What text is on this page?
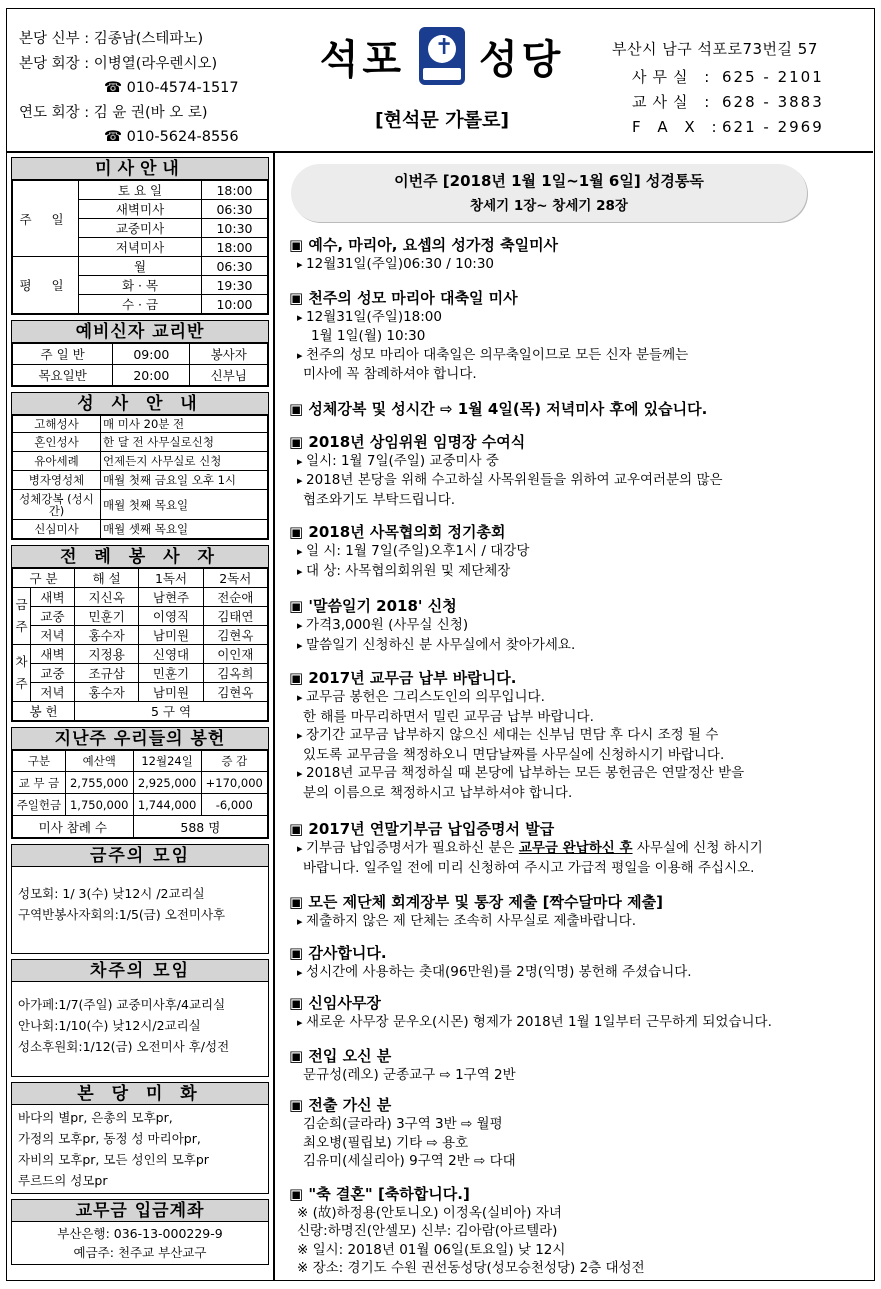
본당 신부 : 김종남(스테파노)
본당 회장 : 이병열(라우렌시오)
☎ 010-4574-1517
연도 회장 : 김 윤 권(바 오 로)
☎ 010-5624-8556
석포 ✝ 성당
[현석문 가롤로]
부산시 남구 석포로73번길 57
사무실 : 625 - 2101
교사실 : 628 - 3883
F A X : 621 - 2969
미사안내
주 일	토 요 일	18:00
	새벽미사	06:30
	교중미사	10:30
	저녁미사	18:00
평 일	월	06:30
	화 · 목	19:30
	수 · 금	10:00
예비신자 교리반
주 일 반	09:00	봉사자
목요일반	20:00	신부님
성 사 안 내
고해성사	매 미사 20분 전
혼인성사	한 달 전 사무실로신청
유아세례	언제든지 사무실로 신청
병자영성체	매월 첫째 금요일 오후 1시
성체강복 (성시간)	매월 첫째 목요일
신심미사	매월 셋째 목요일
전 례 봉 사 자
구 분		해 설	1독서	2독서
금 주	새벽	지신옥	남현주	전순애
	교중	민훈기	이영직	김태연
	저녁	홍수자	남미원	김현옥
차 주	새벽	지정용	신영대	이인재
	교중	조규삼	민훈기	김옥희
	저녁	홍수자	남미원	김현옥
봉 헌		5 구 역		
지난주 우리들의 봉헌
구분	예산액	12월24일	증 감
교 무 금	2,755,000	2,925,000	+170,000
주일헌금	1,750,000	1,744,000	-6,000
미사 참례 수		588 명	
금주의 모임
성모회: 1/ 3(수) 낮12시 /2교리실
구역반봉사자회의:1/5(금) 오전미사후
차주의 모임
아가페:1/7(주일) 교중미사후/4교리실
안나회:1/10(수) 낮12시/2교리실
성소후원회:1/12(금) 오전미사 후/성전
본 당 미 화
바다의 별pr, 은총의 모후pr,
가정의 모후pr, 동정 성 마리아pr,
자비의 모후pr, 모든 성인의 모후pr
루르드의 성모pr
교무금 입금계좌
부산은행: 036-13-000229-9
예금주: 천주교 부산교구
이번주 [2018년 1월 1일~1월 6일] 성경통독
창세기 1장~ 창세기 28장
▣ 예수, 마리아, 요셉의 성가정 축일미사
▸ 12월31일(주일)06:30 / 10:30
▣ 천주의 성모 마리아 대축일 미사
▸ 12월31일(주일)18:00
1월 1일(월) 10:30
▸ 천주의 성모 마리아 대축일은 의무축일이므로 모든 신자 분들께는
미사에 꼭 참례하셔야 합니다.
▣ 성체강복 및 성시간 ⇨ 1월 4일(목) 저녁미사 후에 있습니다.
▣ 2018년 상임위원 임명장 수여식
▸ 일시: 1월 7일(주일) 교중미사 중
▸ 2018년 본당을 위해 수고하실 사목위원들을 위하여 교우여러분의 많은
협조와기도 부탁드립니다.
▣ 2018년 사목협의회 정기총회
▸ 일 시: 1월 7일(주일)오후1시 / 대강당
▸ 대 상: 사목협의회위원 및 제단체장
▣ '말씀일기 2018' 신청
▸ 가격3,000원 (사무실 신청)
▸ 말씀일기 신청하신 분 사무실에서 찾아가세요.
▣ 2017년 교무금 납부 바랍니다.
▸ 교무금 봉헌은 그리스도인의 의무입니다.
한 해를 마무리하면서 밀린 교무금 납부 바랍니다.
▸ 장기간 교무금 납부하지 않으신 세대는 신부님 면담 후 다시 조정 될 수
있도록 교무금을 책정하오니 면담날짜를 사무실에 신청하시기 바랍니다.
▸ 2018년 교무금 책정하실 때 본당에 납부하는 모든 봉헌금은 연말정산 받을
분의 이름으로 책정하시고 납부하셔야 합니다.
▣ 2017년 연말기부금 납입증명서 발급
▸ 기부금 납입증명서가 필요하신 분은 교무금 완납하신 후 사무실에 신청 하시기
바랍니다. 일주일 전에 미리 신청하여 주시고 가급적 평일을 이용해 주십시오.
▣ 모든 제단체 회계장부 및 통장 제출 [짝수달마다 제출]
▸ 제출하지 않은 제 단체는 조속히 사무실로 제출바랍니다.
▣ 감사합니다.
▸ 성시간에 사용하는 촛대(96만원)를 2명(익명) 봉헌해 주셨습니다.
▣ 신임사무장
▸ 새로운 사무장 문우오(시몬) 형제가 2018년 1월 1일부터 근무하게 되었습니다.
▣ 전입 오신 분
문규성(레오) 군종교구 ⇨ 1구역 2반
▣ 전출 가신 분
김순희(글라라) 3구역 3반 ⇨ 월평
최오병(필립보) 기타 ⇨ 용호
김유미(세실리아) 9구역 2반 ⇨ 다대
▣ "축 결혼" [축하합니다.]
※ (故)하정용(안토니오) 이정옥(실비아) 자녀
신랑:하명진(안셀모) 신부: 김아람(아르텔라)
※ 일시: 2018년 01월 06일(토요일) 낮 12시
※ 장소: 경기도 수원 권선동성당(성모승천성당) 2층 대성전
